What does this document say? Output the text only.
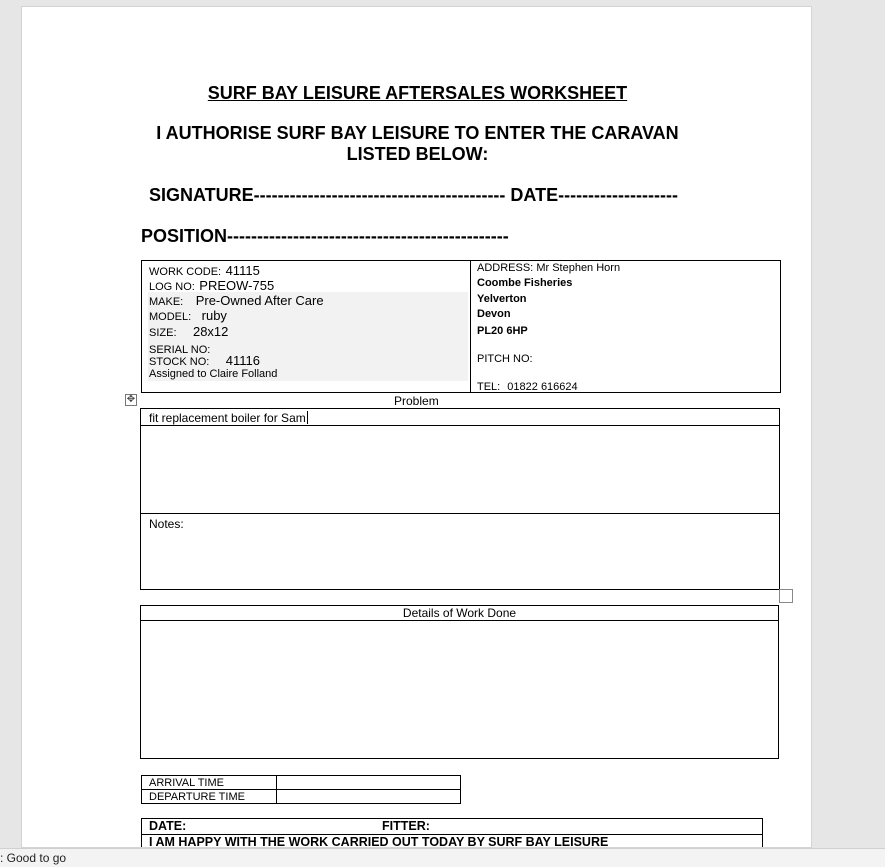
SURF BAY LEISURE AFTERSALES WORKSHEET
I AUTHORISE SURF BAY LEISURE TO ENTER THE CARAVAN
LISTED BELOW:
SIGNATURE------------------------------------------ DATE--------------------
POSITION-----------------------------------------------
WORK CODE: 41115
LOG NO: PREOW-755
MAKE: Pre-Owned After Care
MODEL: ruby
SIZE: 28x12
SERIAL NO:
STOCK NO: 41116
Assigned to Claire Folland
ADDRESS: Mr Stephen Horn
Coombe Fisheries
Yelverton
Devon
PL20 6HP
PITCH NO:
TEL: 01822 616624
✥	Problem
fit replacement boiler for Sam
Notes:
Details of Work Done
ARRIVAL TIME
DEPARTURE TIME
DATE:	FITTER:
I AM HAPPY WITH THE WORK CARRIED OUT TODAY BY SURF BAY LEISURE
: Good to go
